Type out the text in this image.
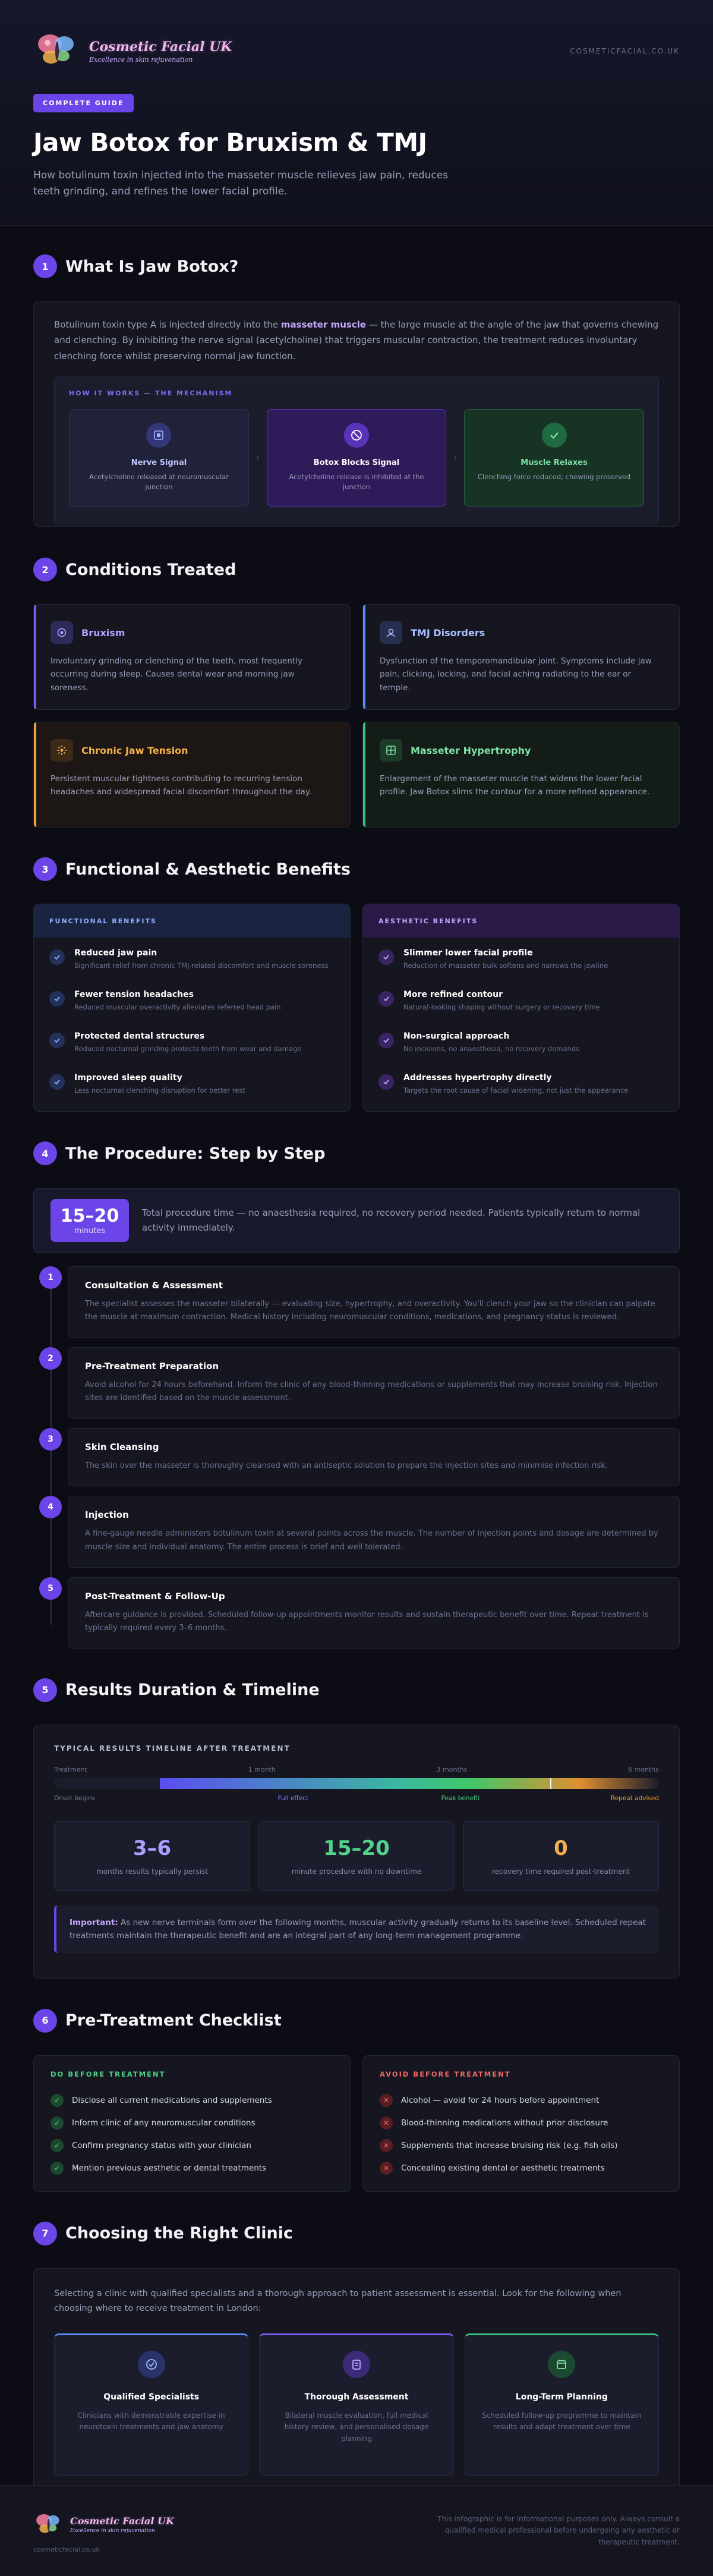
Cosmetic Facial UK
Excellence in skin rejuvenation
COSMETICFACIAL.CO.UK
COMPLETE GUIDE
Jaw Botox for Bruxism & TMJ

How botulinum toxin injected into the masseter muscle relieves jaw pain, reduces teeth grinding, and refines the lower facial profile.

1	What Is Jaw Botox?

Botulinum toxin type A is injected directly into the masseter muscle — the large muscle at the angle of the jaw that governs chewing and clenching. By inhibiting the nerve signal (acetylcholine) that triggers muscular contraction, the treatment reduces involuntary clenching force whilst preserving normal jaw function.

HOW IT WORKS — THE MECHANISM
Nerve Signal
Acetylcholine released at neuromuscular junction
›
Botox Blocks Signal
Acetylcholine release is inhibited at the junction
›
Muscle Relaxes
Clenching force reduced; chewing preserved
2	Conditions Treated
Bruxism

Involuntary grinding or clenching of the teeth, most frequently occurring during sleep. Causes dental wear and morning jaw soreness.

TMJ Disorders

Dysfunction of the temporomandibular joint. Symptoms include jaw pain, clicking, locking, and facial aching radiating to the ear or temple.

Chronic Jaw Tension

Persistent muscular tightness contributing to recurring tension headaches and widespread facial discomfort throughout the day.

Masseter Hypertrophy

Enlargement of the masseter muscle that widens the lower facial profile. Jaw Botox slims the contour for a more refined appearance.

3	Functional & Aesthetic Benefits
FUNCTIONAL BENEFITS
Reduced jaw pain
Significant relief from chronic TMJ-related discomfort and muscle soreness
Fewer tension headaches
Reduced muscular overactivity alleviates referred head pain
Protected dental structures
Reduced nocturnal grinding protects teeth from wear and damage
Improved sleep quality
Less nocturnal clenching disruption for better rest
AESTHETIC BENEFITS
Slimmer lower facial profile
Reduction of masseter bulk softens and narrows the jawline
More refined contour
Natural-looking shaping without surgery or recovery time
Non-surgical approach
No incisions, no anaesthesia, no recovery demands
Addresses hypertrophy directly
Targets the root cause of facial widening, not just the appearance
4	The Procedure: Step by Step
15–20
minutes

Total procedure time — no anaesthesia required, no recovery period needed. Patients typically return to normal activity immediately.

1
Consultation & Assessment
The specialist assesses the masseter bilaterally — evaluating size, hypertrophy, and overactivity. You'll clench your jaw so the clinician can palpate the muscle at maximum contraction. Medical history including neuromuscular conditions, medications, and pregnancy status is reviewed.
2
Pre-Treatment Preparation
Avoid alcohol for 24 hours beforehand. Inform the clinic of any blood-thinning medications or supplements that may increase bruising risk. Injection sites are identified based on the muscle assessment.
3
Skin Cleansing
The skin over the masseter is thoroughly cleansed with an antiseptic solution to prepare the injection sites and minimise infection risk.
4
Injection
A fine-gauge needle administers botulinum toxin at several points across the muscle. The number of injection points and dosage are determined by muscle size and individual anatomy. The entire process is brief and well tolerated.
5
Post-Treatment & Follow-Up
Aftercare guidance is provided. Scheduled follow-up appointments monitor results and sustain therapeutic benefit over time. Repeat treatment is typically required every 3–6 months.
5	Results Duration & Timeline
TYPICAL RESULTS TIMELINE AFTER TREATMENT
Treatment	1 month	3 months	6 months
Onset begins	Full effect	Peak benefit	Repeat advised
3–6
months results typically persist
15–20
minute procedure with no downtime
0
recovery time required post-treatment
Important: As new nerve terminals form over the following months, muscular activity gradually returns to its baseline level. Scheduled repeat treatments maintain the therapeutic benefit and are an integral part of any long-term management programme.
6	Pre-Treatment Checklist
DO BEFORE TREATMENT
✓	Disclose all current medications and supplements
✓	Inform clinic of any neuromuscular conditions
✓	Confirm pregnancy status with your clinician
✓	Mention previous aesthetic or dental treatments
AVOID BEFORE TREATMENT
✕	Alcohol — avoid for 24 hours before appointment
✕	Blood-thinning medications without prior disclosure
✕	Supplements that increase bruising risk (e.g. fish oils)
✕	Concealing existing dental or aesthetic treatments
7	Choosing the Right Clinic

Selecting a clinic with qualified specialists and a thorough approach to patient assessment is essential. Look for the following when choosing where to receive treatment in London:

Qualified Specialists
Clinicians with demonstrable expertise in neurotoxin treatments and jaw anatomy
Thorough Assessment
Bilateral muscle evaluation, full medical history review, and personalised dosage planning
Long-Term Planning
Scheduled follow-up programme to maintain results and adapt treatment over time
Cosmetic Facial UK
Excellence in skin rejuvenation
cosmeticfacial.co.uk

This infographic is for informational purposes only. Always consult a qualified medical professional before undergoing any aesthetic or therapeutic treatment.
